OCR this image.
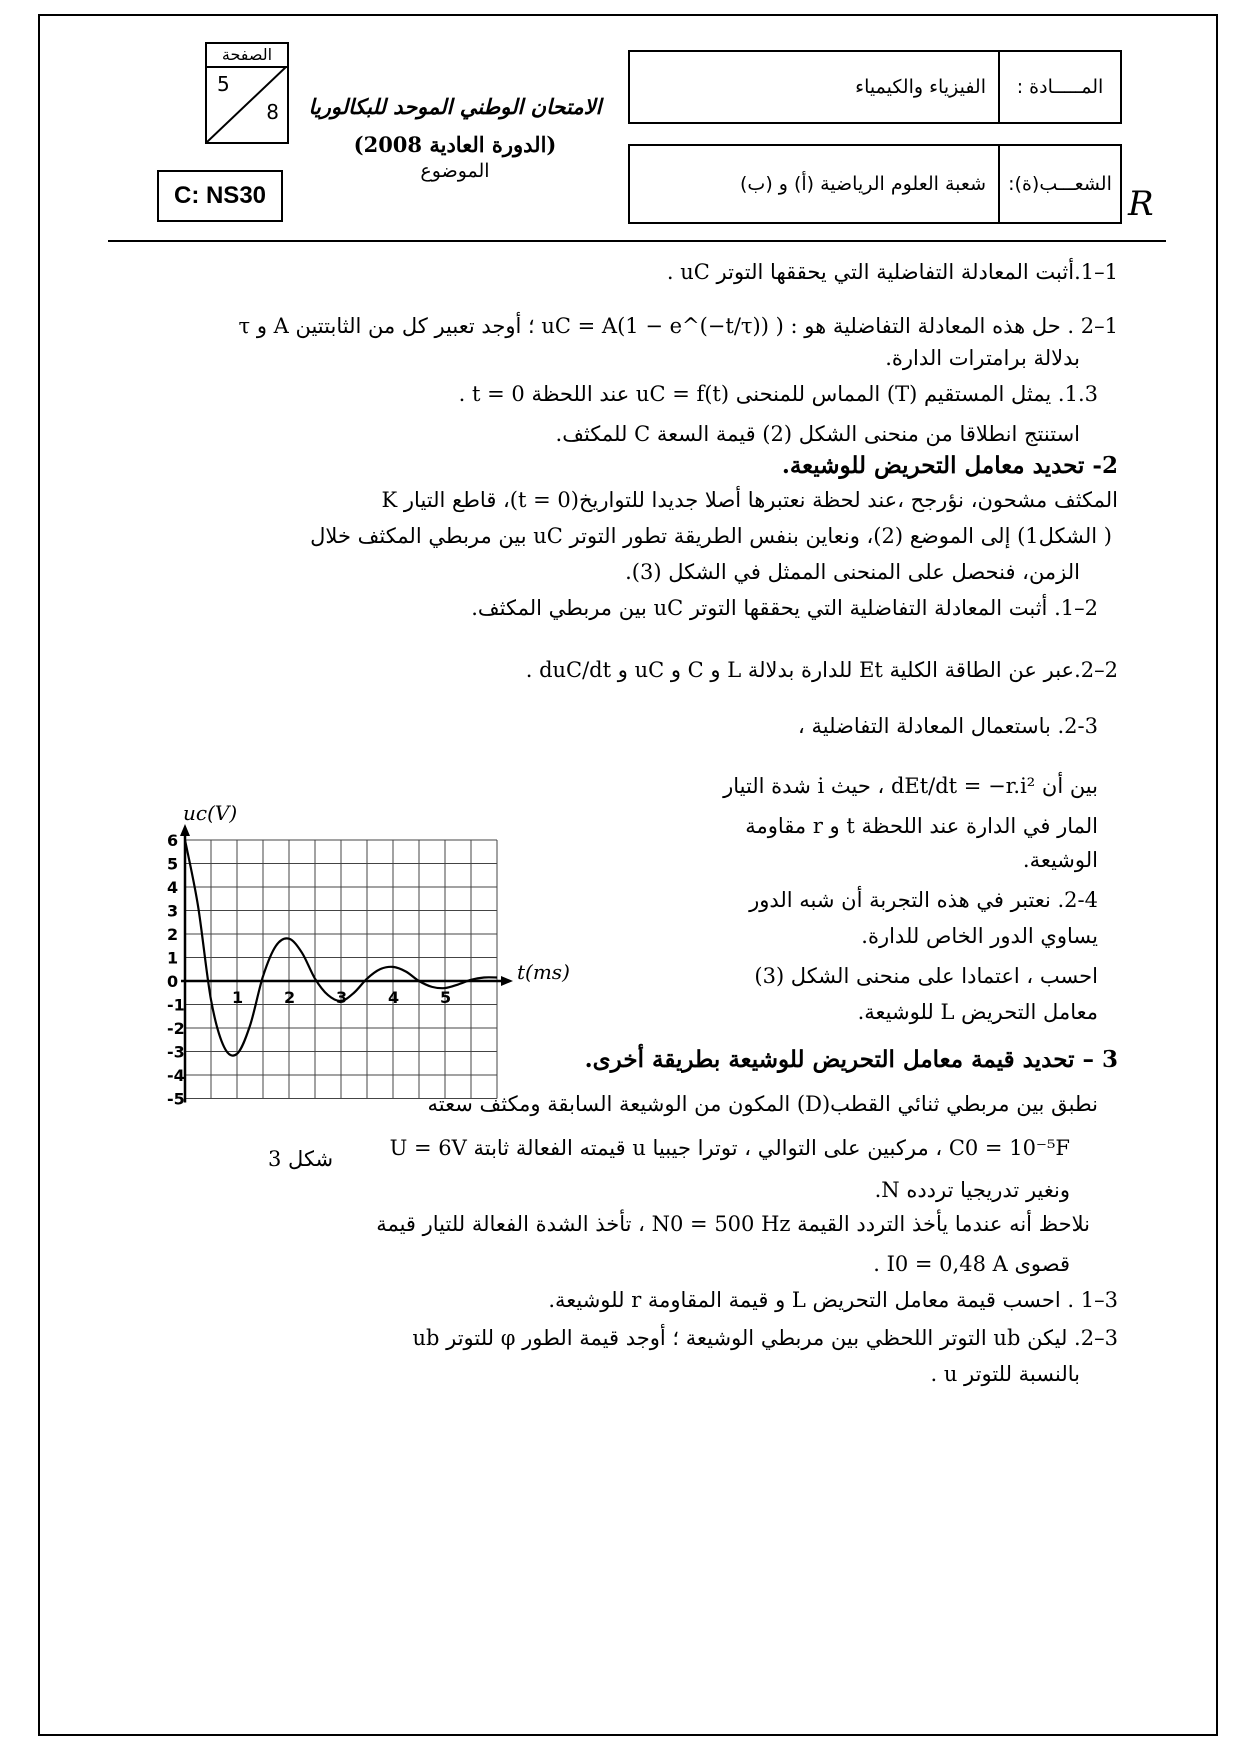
الصفحة
5
8
C: NS30
الامتحان الوطني الموحد للبكالوريا
(الدورة العادية 2008)
الموضوع
المـــــادة :
الفيزياء والكيمياء
الشعـــب(ة):
شعبة العلوم الرياضية (أ) و (ب)	R
1–1.أثبت المعادلة التفاضلية التي يحققها التوتر uC .
1–2 . حل هذه المعادلة التفاضلية هو : ( uC = A(1 − e^(−t/τ)) ؛ أوجد تعبير كل من الثابتتين A و τ
بدلالة برامترات الدارة.
1.3. يمثل المستقيم (T) المماس للمنحنى uC = f(t) عند اللحظة t = 0 .
استنتج انطلاقا من منحنى الشكل (2) قيمة السعة C للمكثف.
2- تحديد معامل التحريض للوشيعة.
المكثف مشحون، نؤرجح ،عند لحظة نعتبرها أصلا جديدا للتواريخ(t = 0)، قاطع التيار K
( الشكل1) إلى الموضع (2)، ونعاين بنفس الطريقة تطور التوتر uC بين مربطي المكثف خلال
الزمن، فنحصل على المنحنى الممثل في الشكل (3).
2–1. أثبت المعادلة التفاضلية التي يحققها التوتر uC بين مربطي المكثف.
2–2.عبر عن الطاقة الكلية Et للدارة بدلالة L و C و uC و duC/dt .
2-3. باستعمال المعادلة التفاضلية ،
بين أن dEt/dt = −r.i² ، حيث i شدة التيار
المار في الدارة عند اللحظة t و r مقاومة
الوشيعة.
2-4. نعتبر في هذه التجربة أن شبه الدور
يساوي الدور الخاص للدارة.
احسب ، اعتمادا على منحنى الشكل (3)
معامل التحريض L للوشيعة.
3 – تحديد قيمة معامل التحريض للوشيعة بطريقة أخرى.
نطبق بين مربطي ثنائي القطب(D) المكون من الوشيعة السابقة ومكثف سعته
C0 = 10⁻⁵F ، مركبين على التوالي ، توترا جيبيا u قيمته الفعالة ثابتة U = 6V
ونغير تدريجيا تردده N.
نلاحظ أنه عندما يأخذ التردد القيمة N0 = 500 Hz ، تأخذ الشدة الفعالة للتيار قيمة
قصوى I0 = 0,48 A .
3–1 . احسب قيمة معامل التحريض L و قيمة المقاومة r للوشيعة.
3–2. ليكن ub التوتر اللحظي بين مربطي الوشيعة ؛ أوجد قيمة الطور φ للتوتر ub
بالنسبة للتوتر u .
6
5
4
3
2
1
0
-1
-2
-3
-4
-5
1	2	3	4	5
uc(V)
t(ms)
شكل 3
